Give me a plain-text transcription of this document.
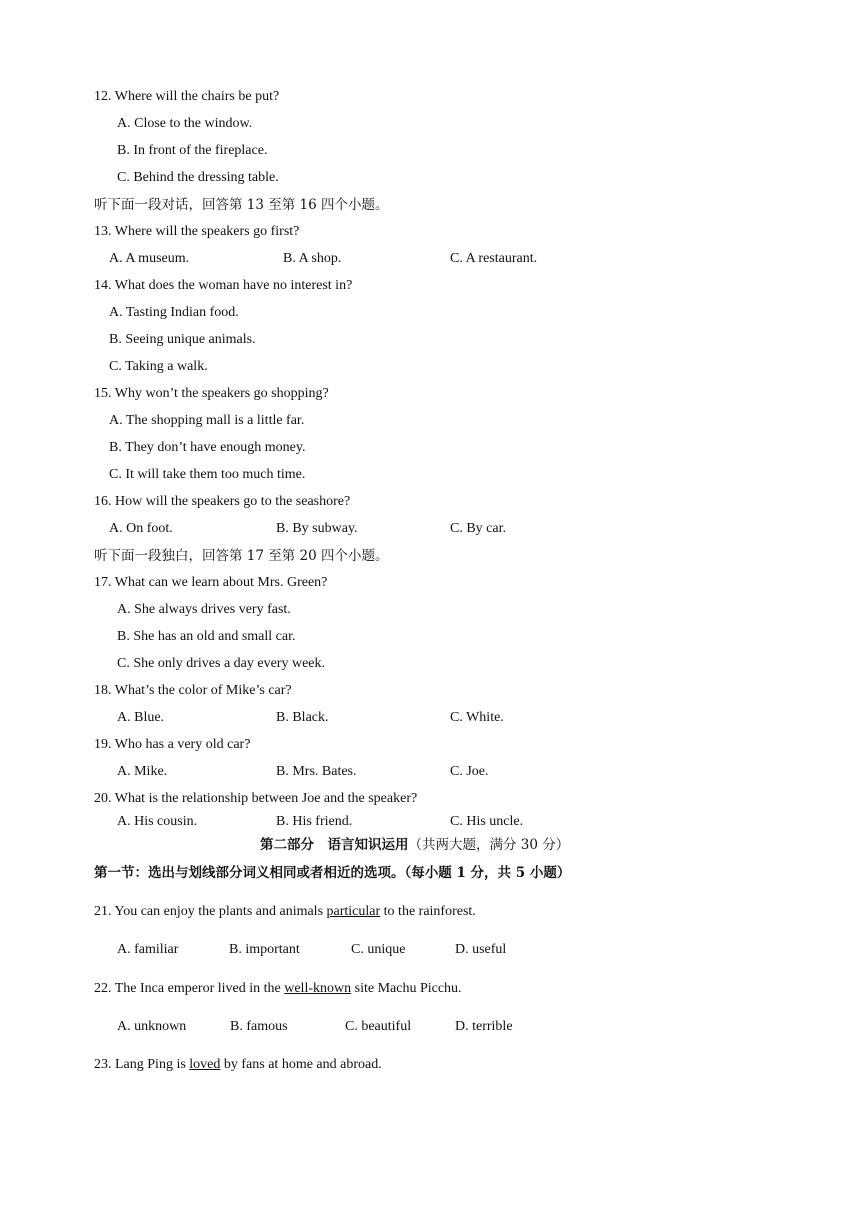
12. Where will the chairs be put?
A. Close to the window.
B. In front of the fireplace.
C. Behind the dressing table.
听下面一段对话，回答第 13 至第 16 四个小题。
13. Where will the speakers go first?
A. A museum.	B. A shop.	C. A restaurant.
14. What does the woman have no interest in?
A. Tasting Indian food.
B. Seeing unique animals.
C. Taking a walk.
15. Why won’t the speakers go shopping?
A. The shopping mall is a little far.
B. They don’t have enough money.
C. It will take them too much time.
16. How will the speakers go to the seashore?
A. On foot.	B. By subway.	C. By car.
听下面一段独白，回答第 17 至第 20 四个小题。
17. What can we learn about Mrs. Green?
A. She always drives very fast.
B. She has an old and small car.
C. She only drives a day every week.
18. What’s the color of Mike’s car?
A. Blue.	B. Black.	C. White.
19. Who has a very old car?
A. Mike.	B. Mrs. Bates.	C. Joe.
20. What is the relationship between Joe and the speaker?
A. His cousin.	B. His friend.	C. His uncle.
第二部分　语言知识运用（共两大题，满分 30 分）
第一节：选出与划线部分词义相同或者相近的选项。（每小题 1 分，共 5 小题）
21. You can enjoy the plants and animals particular to the rainforest.
A. familiar	B. important	C. unique	D. useful
22. The Inca emperor lived in the well-known site Machu Picchu.
A. unknown	B. famous	C. beautiful	D. terrible
23. Lang Ping is loved by fans at home and abroad.
